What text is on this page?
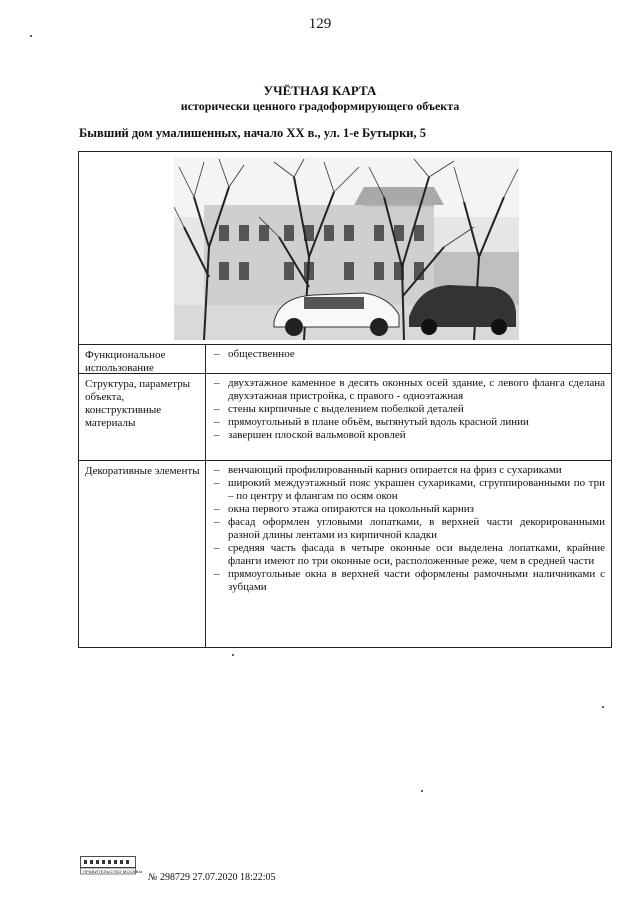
129
УЧЁТНАЯ КАРТА
исторически ценного градоформирующего объекта
Бывший дом умалишенных, начало XX в., ул. 1-е Бутырки, 5
Функциональное использование
– общественное
Структура, параметры объекта, конструктивные материалы
– двухэтажное каменное в десять оконных осей здание, с левого фланга сделана двухэтажная пристройка, с правого - одноэтажная
– стены кирпичные с выделением побелкой деталей
– прямоугольный в плане объём, вытянутый вдоль красной линии
– завершен плоской вальмовой кровлей
Декоративные элементы
–	венчающий профилированный карниз опирается на фриз с сухариками
– широкий междуэтажный пояс украшен сухариками, сгруппированными по три – по центру и флангам по осям окон
– окна первого этажа опираются на цокольный карниз
– фасад оформлен угловыми лопатками, в верхней части декорированными разной длины лентами из кирпичной кладки
– средняя часть фасада в четыре оконные оси выделена лопатками, крайние фланги имеют по три оконные оси, расположенные реже, чем в средней части
– прямоугольные окна в верхней части оформлены рамочными наличниками с зубцами
ПРАВИТЕЛЬСТВО МОСКВЫ
№ 298729 27.07.2020 18:22:05
